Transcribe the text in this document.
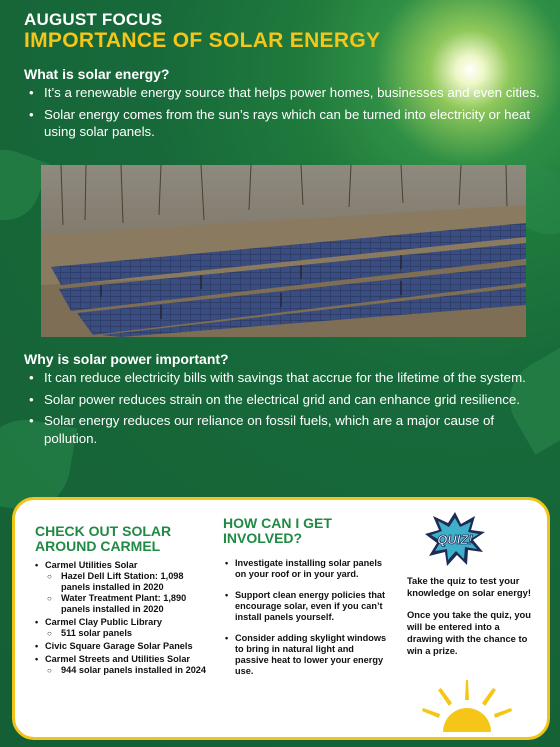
AUGUST FOCUS
IMPORTANCE OF SOLAR ENERGY
What is solar energy?
• It’s a renewable energy source that helps power homes, businesses and even cities.
• Solar energy comes from the sun’s rays which can be turned into electricity or heat using solar panels.
Why is solar power important?
• It can reduce electricity bills with savings that accrue for the lifetime of the system.
• Solar power reduces strain on the electrical grid and can enhance grid resilience.
• Solar energy reduces our reliance on fossil fuels, which are a major cause of pollution.
CHECK OUT SOLAR AROUND CARMEL
• Carmel Utilities Solar
○ Hazel Dell Lift Station: 1,098 panels installed in 2020
○ Water Treatment Plant: 1,890 panels installed in 2020
• Carmel Clay Public Library
○ 511 solar panels
• Civic Square Garage Solar Panels
• Carmel Streets and Utilities Solar
○ 944 solar panels installed in 2024
HOW CAN I GET INVOLVED?
• Investigate installing solar panels on your roof or in your yard.
• Support clean energy policies that encourage solar, even if you can’t install panels yourself.
• Consider adding skylight windows to bring in natural light and passive heat to lower your energy use.
QUIZ!

Take the quiz to test your knowledge on solar energy!

Once you take the quiz, you will be entered into a drawing with the chance to win a prize.
